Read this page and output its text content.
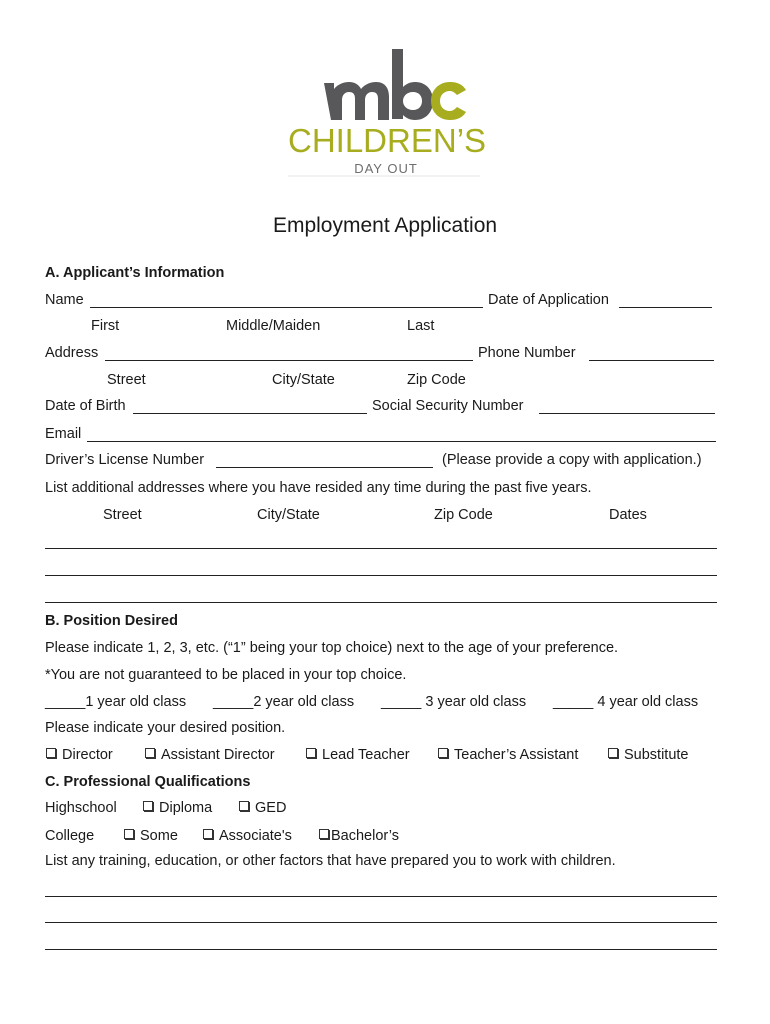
CHILDREN’S
DAY OUT
Employment Application
A. Applicant’s Information
Name	Date of Application
First	Middle/Maiden	Last
Address	Phone Number
Street	City/State	Zip Code
Date of Birth	Social Security Number
Email
Driver’s License Number	(Please provide a copy with application.)
List additional addresses where you have resided any time during the past five years.
Street	City/State	Zip Code	Dates
B. Position Desired
Please indicate 1, 2, 3, etc. (“1” being your top choice) next to the age of your preference.
*You are not guaranteed to be placed in your top choice.
_____1 year old class _____2 year old class _____ 3 year old class _____ 4 year old class
Please indicate your desired position.
Director	Assistant Director	Lead Teacher	Teacher’s Assistant	Substitute
C. Professional Qualifications
Highschool	Diploma	GED
College	Some	Associate's	Bachelor’s
List any training, education, or other factors that have prepared you to work with children.
